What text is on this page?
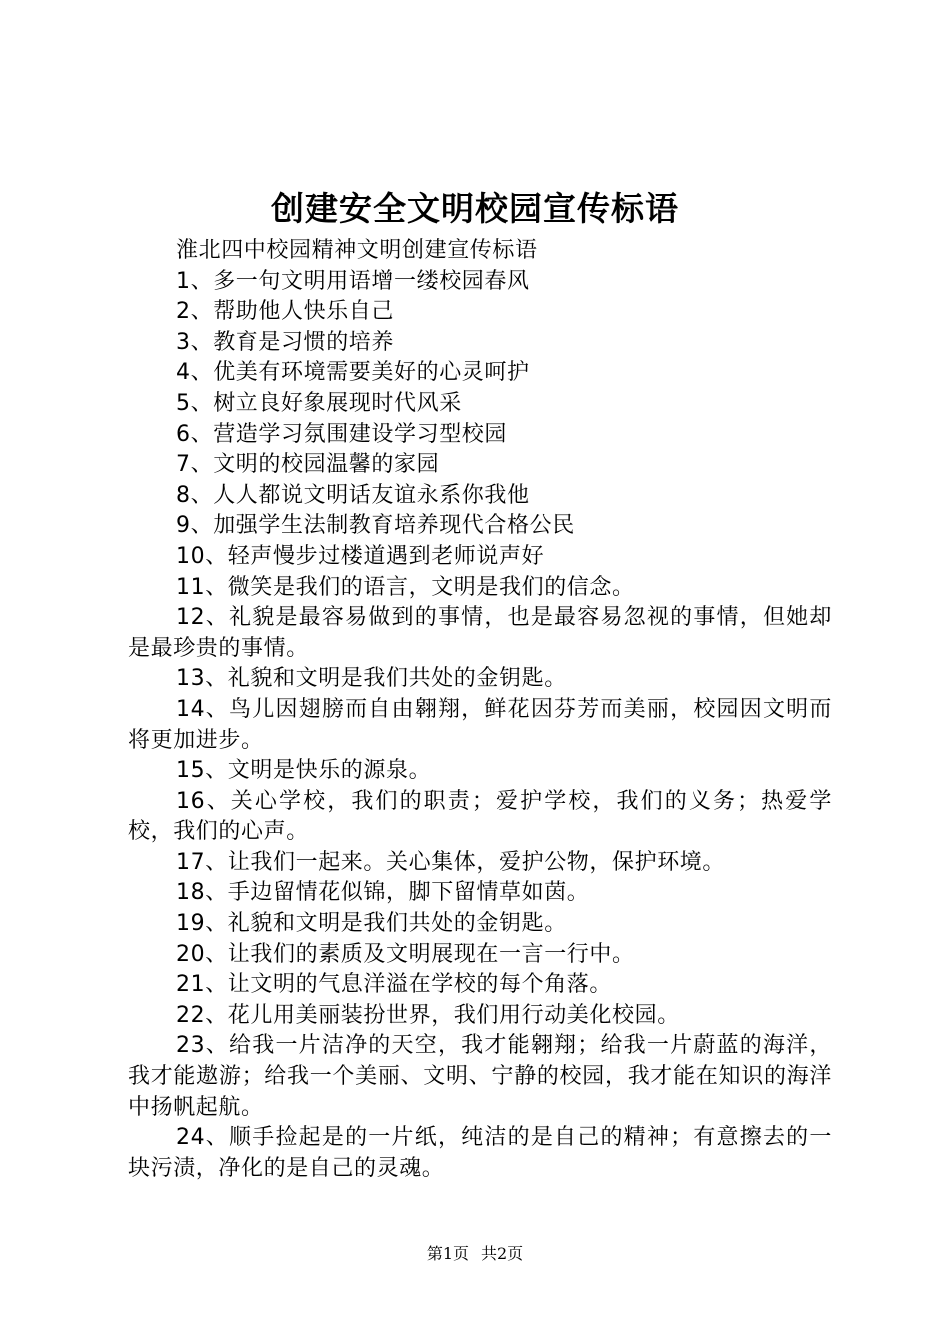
创建安全文明校园宣传标语

淮北四中校园精神文明创建宣传标语

1、多一句文明用语增一缕校园春风

2、帮助他人快乐自己

3、教育是习惯的培养

4、优美有环境需要美好的心灵呵护

5、树立良好象展现时代风采

6、营造学习氛围建设学习型校园

7、文明的校园温馨的家园

8、人人都说文明话友谊永系你我他

9、加强学生法制教育培养现代合格公民

10、轻声慢步过楼道遇到老师说声好

11、微笑是我们的语言，文明是我们的信念。

12、礼貌是最容易做到的事情，也是最容易忽视的事情，但她却是最珍贵的事情。

13、礼貌和文明是我们共处的金钥匙。

14、鸟儿因翅膀而自由翱翔，鲜花因芬芳而美丽，校园因文明而将更加进步。

15、文明是快乐的源泉。

16、关心学校，我们的职责；爱护学校，我们的义务；热爱学校，我们的心声。

17、让我们一起来。关心集体，爱护公物，保护环境。

18、手边留情花似锦，脚下留情草如茵。

19、礼貌和文明是我们共处的金钥匙。

20、让我们的素质及文明展现在一言一行中。

21、让文明的气息洋溢在学校的每个角落。

22、花儿用美丽装扮世界，我们用行动美化校园。

23、给我一片洁净的天空，我才能翱翔；给我一片蔚蓝的海洋，我才能遨游；给我一个美丽、文明、宁静的校园，我才能在知识的海洋中扬帆起航。

24、顺手捡起是的一片纸，纯洁的是自己的精神；有意擦去的一块污渍，净化的是自己的灵魂。

第1页 共2页
